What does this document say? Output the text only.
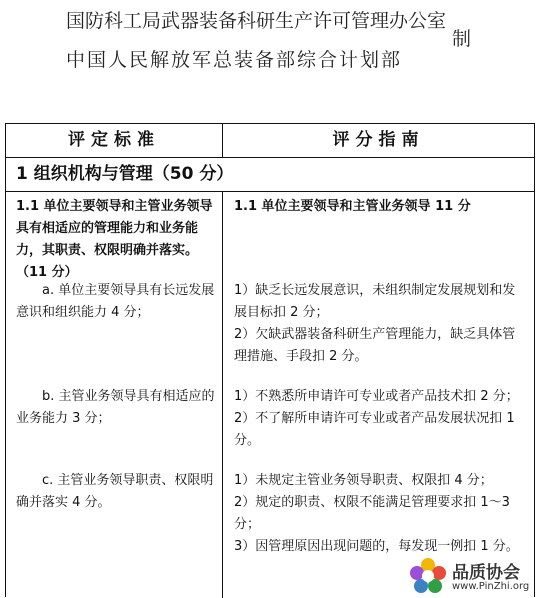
国防科工局武器装备科研生产许可管理办公室
制
中国人民解放军总装备部综合计划部
评定标准	评分指南
1 组织机构与管理（50 分）
1.1 单位主要领导和主管业务领导具有相适应的管理能力和业务能力，其职责、权限明确并落实。（11 分）
1.1 单位主要领导和主管业务领导 11 分
a. 单位主要领导具有长远发展意识和组织能力 4 分；
1）缺乏长远发展意识，未组织制定发展规划和发展目标扣 2 分；
2）欠缺武器装备科研生产管理能力，缺乏具体管理措施、手段扣 2 分。
b. 主管业务领导具有相适应的业务能力 3 分；
1）不熟悉所申请许可专业或者产品技术扣 2 分；
2）不了解所申请许可专业或者产品发展状况扣 1 分。
c. 主管业务领导职责、权限明确并落实 4 分。
1）未规定主管业务领导职责、权限扣 4 分；
2）规定的职责、权限不能满足管理要求扣 1～3 分；
3）因管理原因出现问题的，每发现一例扣 1 分。
品质协会
www.PinZhi.org
